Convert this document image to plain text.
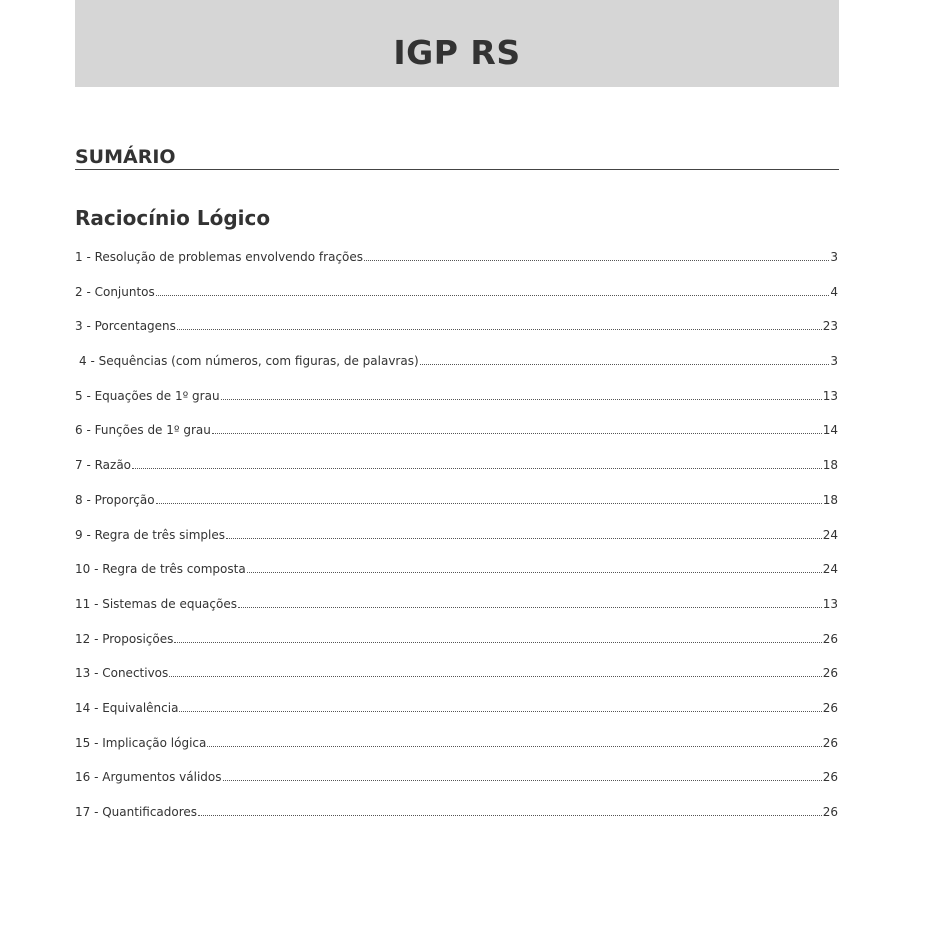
IGP RS
SUMÁRIO
Raciocínio Lógico
1 - Resolução de problemas envolvendo frações	3
2 - Conjuntos	4
3 - Porcentagens	23
4 - Sequências (com números, com figuras, de palavras)	3
5 - Equações de 1º grau	13
6 - Funções de 1º grau	14
7 - Razão	18
8 - Proporção	18
9 - Regra de três simples	24
10 - Regra de três composta	24
11 - Sistemas de equações	13
12 - Proposições	26
13 - Conectivos	26
14 - Equivalência	26
15 - Implicação lógica	26
16 - Argumentos válidos	26
17 - Quantificadores	26
